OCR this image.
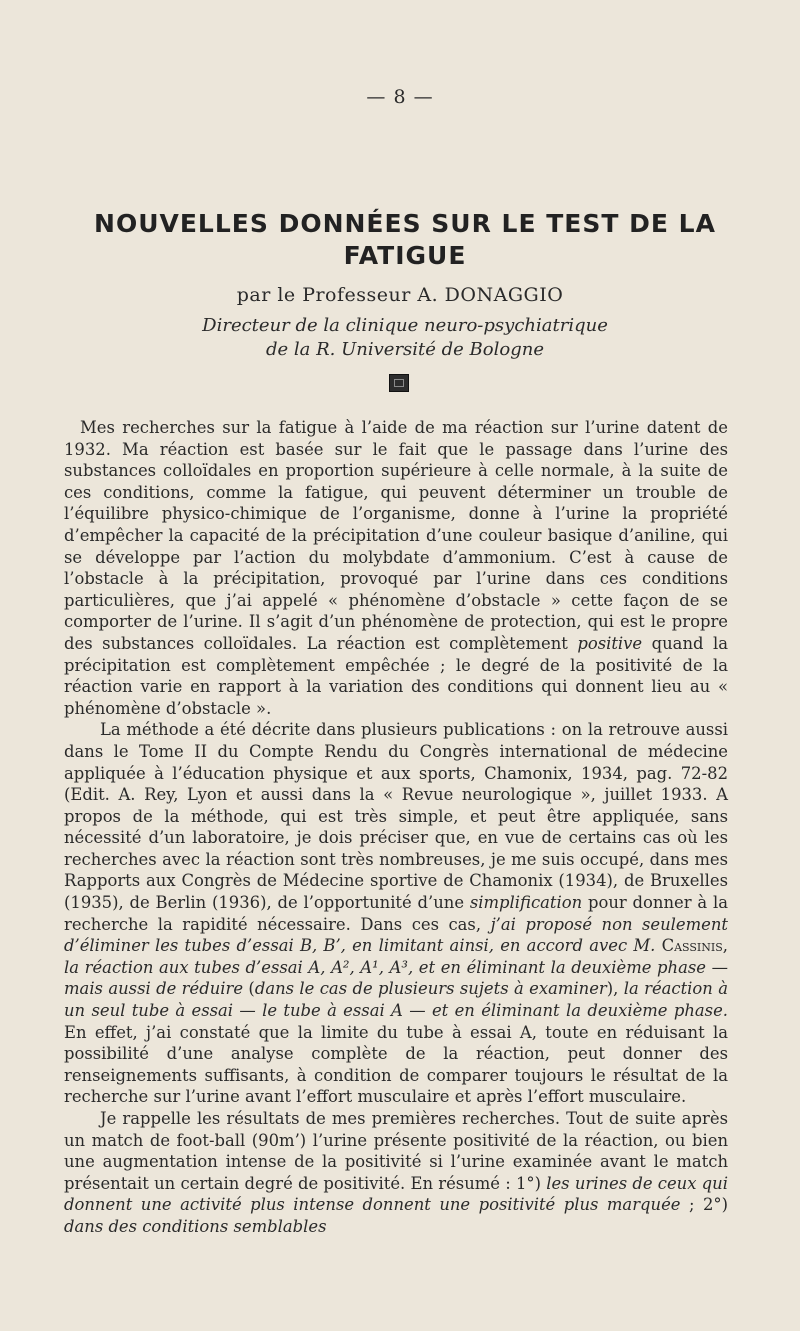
— 8 —
NOUVELLES DONNÉES SUR LE TEST DE LA FATIGUE
par le Professeur A. DONAGGIO
Directeur de la clinique neuro-psychiatrique
de la R. Université de Bologne

Mes recherches sur la fatigue à l’aide de ma réaction sur l’urine datent de 1932. Ma réaction est basée sur le fait que le passage dans l’urine des substances colloïdales en proportion supérieure à celle normale, à la suite de ces conditions, comme la fatigue, qui peuvent déterminer un trouble de l’équilibre physico-chimique de l’organisme, donne à l’urine la propriété d’empêcher la capacité de la précipitation d’une couleur basique d’aniline, qui se développe par l’action du molybdate d’ammonium. C’est à cause de l’obstacle à la précipitation, provoqué par l’urine dans ces conditions particulières, que j’ai appelé « phénomène d’obstacle » cette façon de se comporter de l’urine. Il s’agit d’un phénomène de protection, qui est le propre des substances colloïdales. La réaction est complètement positive quand la précipitation est complètement empêchée ; le degré de la positivité de la réaction varie en rapport à la variation des conditions qui donnent lieu au « phénomène d’obstacle ».

La méthode a été décrite dans plusieurs publications : on la retrouve aussi dans le Tome II du Compte Rendu du Congrès international de médecine appliquée à l’éducation physique et aux sports, Chamonix, 1934, pag. 72-82 (Edit. A. Rey, Lyon et aussi dans la « Revue neurologique », juillet 1933. A propos de la méthode, qui est très simple, et peut être appliquée, sans nécessité d’un laboratoire, je dois préciser que, en vue de certains cas où les recherches avec la réaction sont très nombreuses, je me suis occupé, dans mes Rapports aux Congrès de Médecine sportive de Chamonix (1934), de Bruxelles (1935), de Berlin (1936), de l’opportunité d’une simplification pour donner à la recherche la rapidité nécessaire. Dans ces cas, j’ai proposé non seulement d’éliminer les tubes d’essai B, B’, en limitant ainsi, en accord avec M. Cassinis, la réaction aux tubes d’essai A, A², A¹, A³, et en éliminant la deuxième phase — mais aussi de réduire (dans le cas de plusieurs sujets à examiner), la réaction à un seul tube à essai — le tube à essai A — et en éliminant la deuxième phase. En effet, j’ai constaté que la limite du tube à essai A, toute en réduisant la possibilité d’une analyse complète de la réaction, peut donner des renseignements suffisants, à condition de comparer toujours le résultat de la recherche sur l’urine avant l’effort musculaire et après l’effort musculaire.

Je rappelle les résultats de mes premières recherches. Tout de suite après un match de foot-ball (90m’) l’urine présente positivité de la réaction, ou bien une augmentation intense de la positivité si l’urine examinée avant le match présentait un certain degré de positivité. En résumé : 1°) les urines de ceux qui donnent une activité plus intense donnent une positivité plus marquée ; 2°) dans des conditions semblables
